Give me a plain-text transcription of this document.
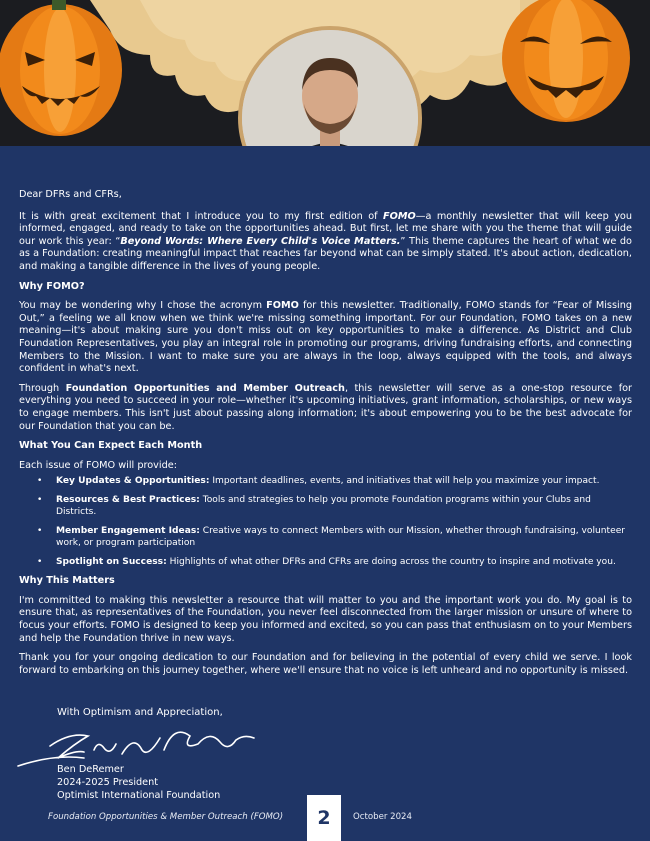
Dear DFRs and CFRs,

It is with great excitement that I introduce you to my first edition of FOMO—a monthly newsletter that will keep you informed, engaged, and ready to take on the opportunities ahead. But first, let me share with you the theme that will guide our work this year: “Beyond Words: Where Every Child's Voice Matters.” This theme captures the heart of what we do as a Foundation: creating meaningful impact that reaches far beyond what can be simply stated. It's about action, dedication, and making a tangible difference in the lives of young people.

Why FOMO?

You may be wondering why I chose the acronym FOMO for this newsletter. Traditionally, FOMO stands for “Fear of Missing Out,” a feeling we all know when we think we're missing something important. For our Foundation, FOMO takes on a new meaning—it's about making sure you don't miss out on key opportunities to make a difference. As District and Club Foundation Representatives, you play an integral role in promoting our programs, driving fundraising efforts, and connecting Members to the Mission. I want to make sure you are always in the loop, always equipped with the tools, and always confident in what's next.

Through Foundation Opportunities and Member Outreach, this newsletter will serve as a one-stop resource for everything you need to succeed in your role—whether it's upcoming initiatives, grant information, scholarships, or new ways to engage members. This isn't just about passing along information; it's about empowering you to be the best advocate for our Foundation that you can be.

What You Can Expect Each Month

Each issue of FOMO will provide:

• Key Updates & Opportunities: Important deadlines, events, and initiatives that will help you maximize your impact.
• Resources & Best Practices: Tools and strategies to help you promote Foundation programs within your Clubs and Districts.
• Member Engagement Ideas: Creative ways to connect Members with our Mission, whether through fundraising, volunteer work, or program participation
• Spotlight on Success: Highlights of what other DFRs and CFRs are doing across the country to inspire and motivate you.

Why This Matters

I'm committed to making this newsletter a resource that will matter to you and the important work you do. My goal is to ensure that, as representatives of the Foundation, you never feel disconnected from the larger mission or unsure of where to focus your efforts. FOMO is designed to keep you informed and excited, so you can pass that enthusiasm on to your Members and help the Foundation thrive in new ways.

Thank you for your ongoing dedication to our Foundation and for believing in the potential of every child we serve. I look forward to embarking on this journey together, where we'll ensure that no voice is left unheard and no opportunity is missed.

With Optimism and Appreciation,
Ben DeRemer
2024-2025 President
Optimist International Foundation
Foundation Opportunities & Member Outreach (FOMO)	2	October 2024
